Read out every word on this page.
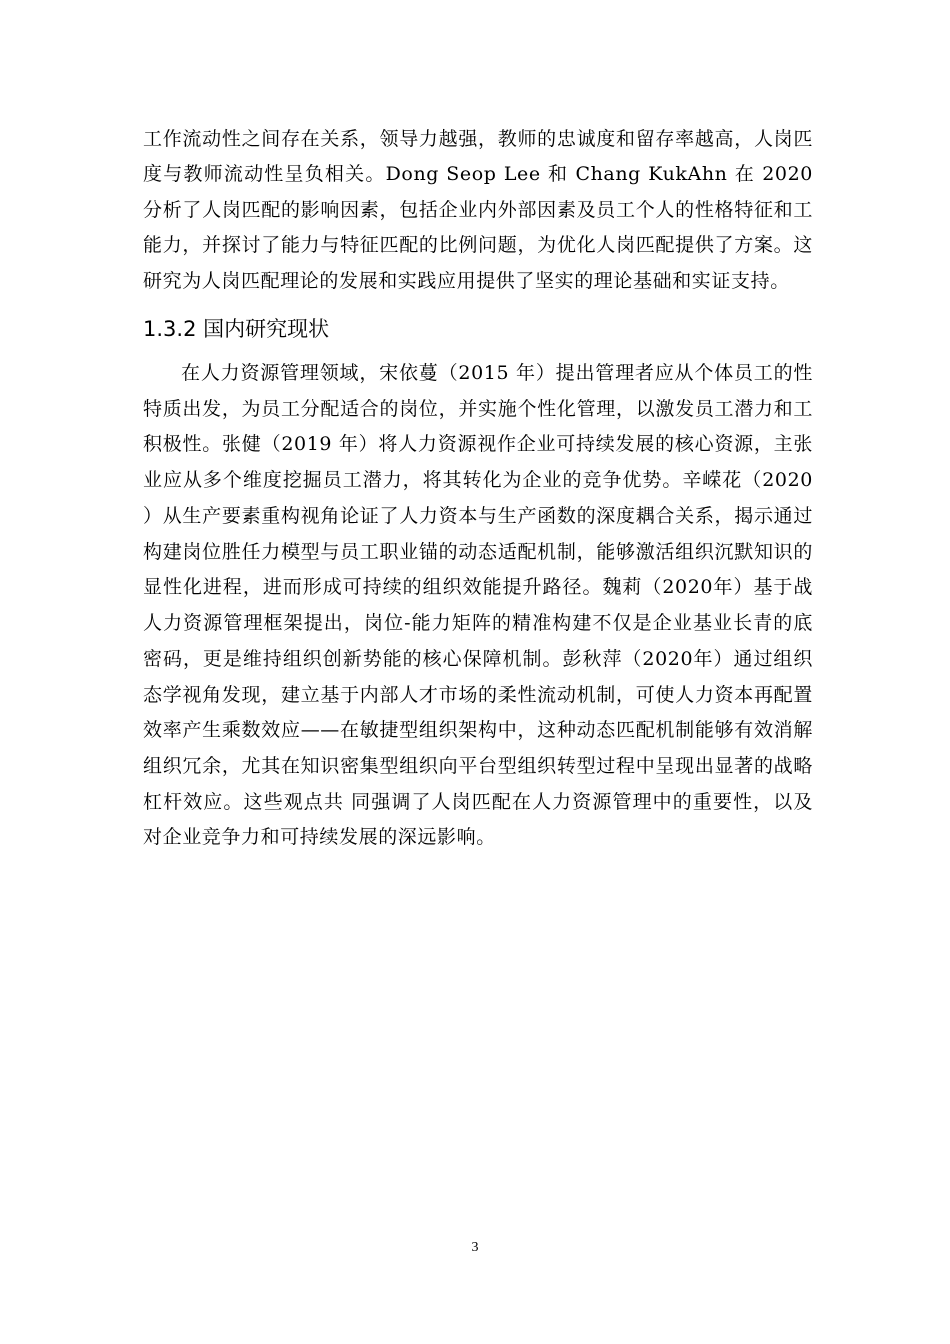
工作流动性之间存在关系，领导力越强，教师的忠诚度和留存率越高，人岗匹
度与教师流动性呈负相关。Dong Seop Lee 和 Chang KukAhn 在 2020
分析了人岗匹配的影响因素，包括企业内外部因素及员工个人的性格特征和工
能力，并探讨了能力与特征匹配的比例问题，为优化人岗匹配提供了方案。这
研究为人岗匹配理论的发展和实践应用提供了坚实的理论基础和实证支持。
1.3.2 国内研究现状
在人力资源管理领域，宋依蔓（2015 年）提出管理者应从个体员工的性
特质出发，为员工分配适合的岗位，并实施个性化管理，以激发员工潜力和工
积极性。张健（2019 年）将人力资源视作企业可持续发展的核心资源，主张
业应从多个维度挖掘员工潜力，将其转化为企业的竞争优势。辛嵘花（2020
）从生产要素重构视角论证了人力资本与生产函数的深度耦合关系，揭示通过
构建岗位胜任力模型与员工职业锚的动态适配机制，能够激活组织沉默知识的
显性化进程，进而形成可持续的组织效能提升路径。魏莉（2020年）基于战
人力资源管理框架提出，岗位-能力矩阵的精准构建不仅是企业基业长青的底
密码，更是维持组织创新势能的核心保障机制。彭秋萍（2020年）通过组织
态学视角发现，建立基于内部人才市场的柔性流动机制，可使人力资本再配置
效率产生乘数效应——在敏捷型组织架构中，这种动态匹配机制能够有效消解
组织冗余，尤其在知识密集型组织向平台型组织转型过程中呈现出显著的战略
杠杆效应。这些观点共 同强调了人岗匹配在人力资源管理中的重要性，以及
对企业竞争力和可持续发展的深远影响。
3
